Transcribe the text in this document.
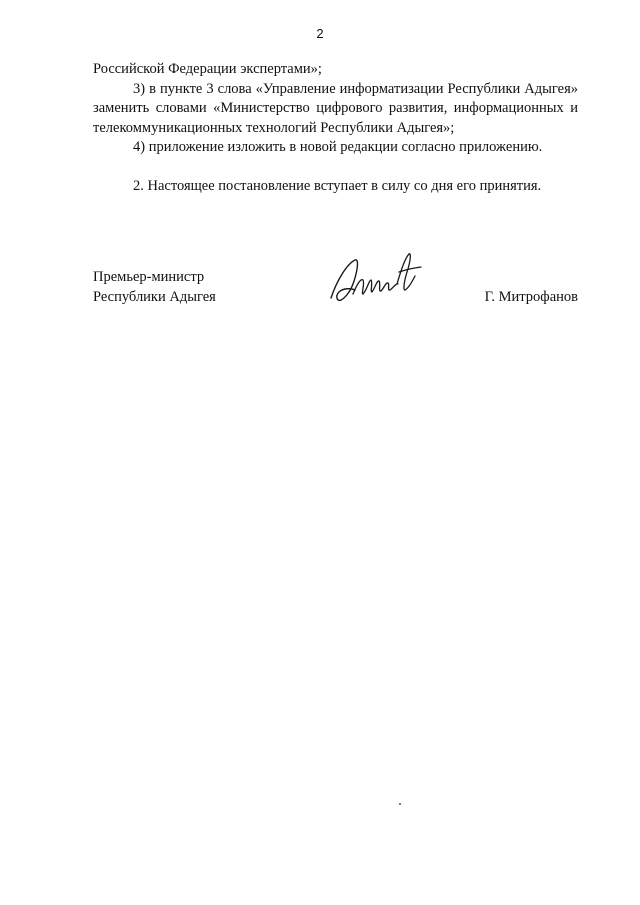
2

Российской Федерации экспертами»;

3) в пункте 3 слова «Управление информатизации Республики Адыгея» заменить словами «Министерство цифрового развития, информационных и телекоммуникационных технологий Республики Адыгея»;

4) приложение изложить в новой редакции согласно приложению.

2. Настоящее постановление вступает в силу со дня его принятия.

Премьер-министр
Республики Адыгея	Г. Митрофанов
